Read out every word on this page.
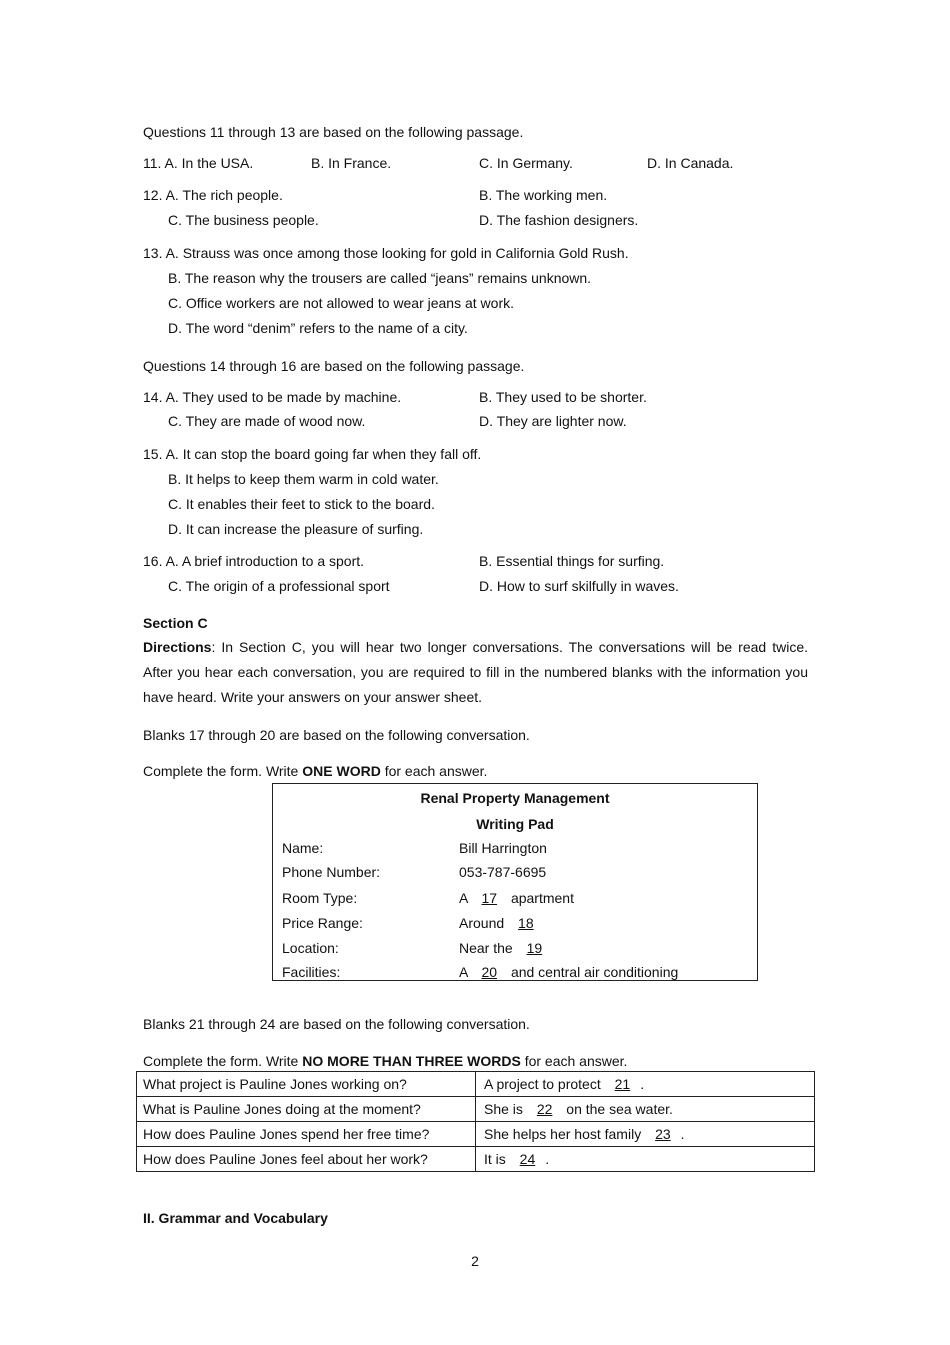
Questions 11 through 13 are based on the following passage.
11. A. In the USA.	B. In France.	C. In Germany.	D. In Canada.
12. A. The rich people.	B. The working men.
C. The business people.	D. The fashion designers.
13. A. Strauss was once among those looking for gold in California Gold Rush.
B. The reason why the trousers are called “jeans” remains unknown.
C. Office workers are not allowed to wear jeans at work.
D. The word “denim” refers to the name of a city.
Questions 14 through 16 are based on the following passage.
14. A. They used to be made by machine.	B. They used to be shorter.
C. They are made of wood now.	D. They are lighter now.
15. A. It can stop the board going far when they fall off.
B. It helps to keep them warm in cold water.
C. It enables their feet to stick to the board.
D. It can increase the pleasure of surfing.
16. A. A brief introduction to a sport.	B. Essential things for surfing.
C. The origin of a professional sport	D. How to surf skilfully in waves.
Section C
Directions: In Section C, you will hear two longer conversations. The conversations will be read twice. After you hear each conversation, you are required to fill in the numbered blanks with the information you have heard. Write your answers on your answer sheet.
Blanks 17 through 20 are based on the following conversation.
Complete the form. Write ONE WORD for each answer.
Renal Property Management
Writing Pad
Name:	Bill Harrington
Phone Number:	053-787-6695
Room Type:	A 17 apartment
Price Range:	Around 18
Location:	Near the 19
Facilities:	A 20 and central air conditioning
Blanks 21 through 24 are based on the following conversation.
Complete the form. Write NO MORE THAN THREE WORDS for each answer.
What project is Pauline Jones working on?	A project to protect 21 .
What is Pauline Jones doing at the moment?	She is 22 on the sea water.
How does Pauline Jones spend her free time?	She helps her host family 23 .
How does Pauline Jones feel about her work?	It is 24 .
II. Grammar and Vocabulary
2
